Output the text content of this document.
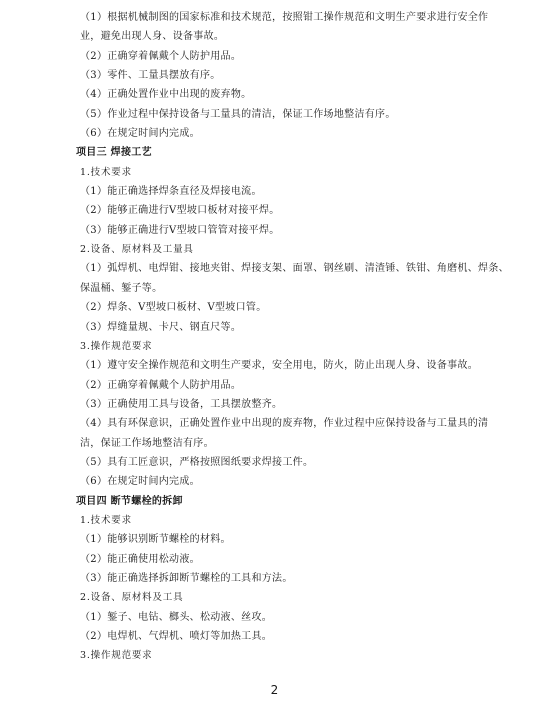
（1）根据机械制图的国家标准和技术规范，按照钳工操作规范和文明生产要求进行安全作
业，避免出现人身、设备事故。
（2）正确穿着佩戴个人防护用品。
（3）零件、工量具摆放有序。
（4）正确处置作业中出现的废弃物。
（5）作业过程中保持设备与工量具的清洁，保证工作场地整洁有序。
（6）在规定时间内完成。
项目三 焊接工艺
1.技术要求
（1）能正确选择焊条直径及焊接电流。
（2）能够正确进行V型坡口板材对接平焊。
（3）能够正确进行V型坡口管管对接平焊。
2.设备、原材料及工量具
（1）弧焊机、电焊钳、接地夹钳、焊接支架、面罩、钢丝刷、清渣锤、铁钳、角磨机、焊条、
保温桶、錾子等。
（2）焊条、V型坡口板材、V型坡口管。
（3）焊缝量规、卡尺、钢直尺等。
3.操作规范要求
（1）遵守安全操作规范和文明生产要求，安全用电，防火，防止出现人身、设备事故。
（2）正确穿着佩戴个人防护用品。
（3）正确使用工具与设备，工具摆放整齐。
（4）具有环保意识，正确处置作业中出现的废弃物，作业过程中应保持设备与工量具的清
洁，保证工作场地整洁有序。
（5）具有工匠意识，严格按照图纸要求焊接工件。
（6）在规定时间内完成。
项目四 断节螺栓的拆卸
1.技术要求
（1）能够识别断节螺栓的材料。
（2）能正确使用松动液。
（3）能正确选择拆卸断节螺栓的工具和方法。
2.设备、原材料及工具
（1）錾子、电钻、榔头、松动液、丝攻。
（2）电焊机、气焊机、喷灯等加热工具。
3.操作规范要求
2
